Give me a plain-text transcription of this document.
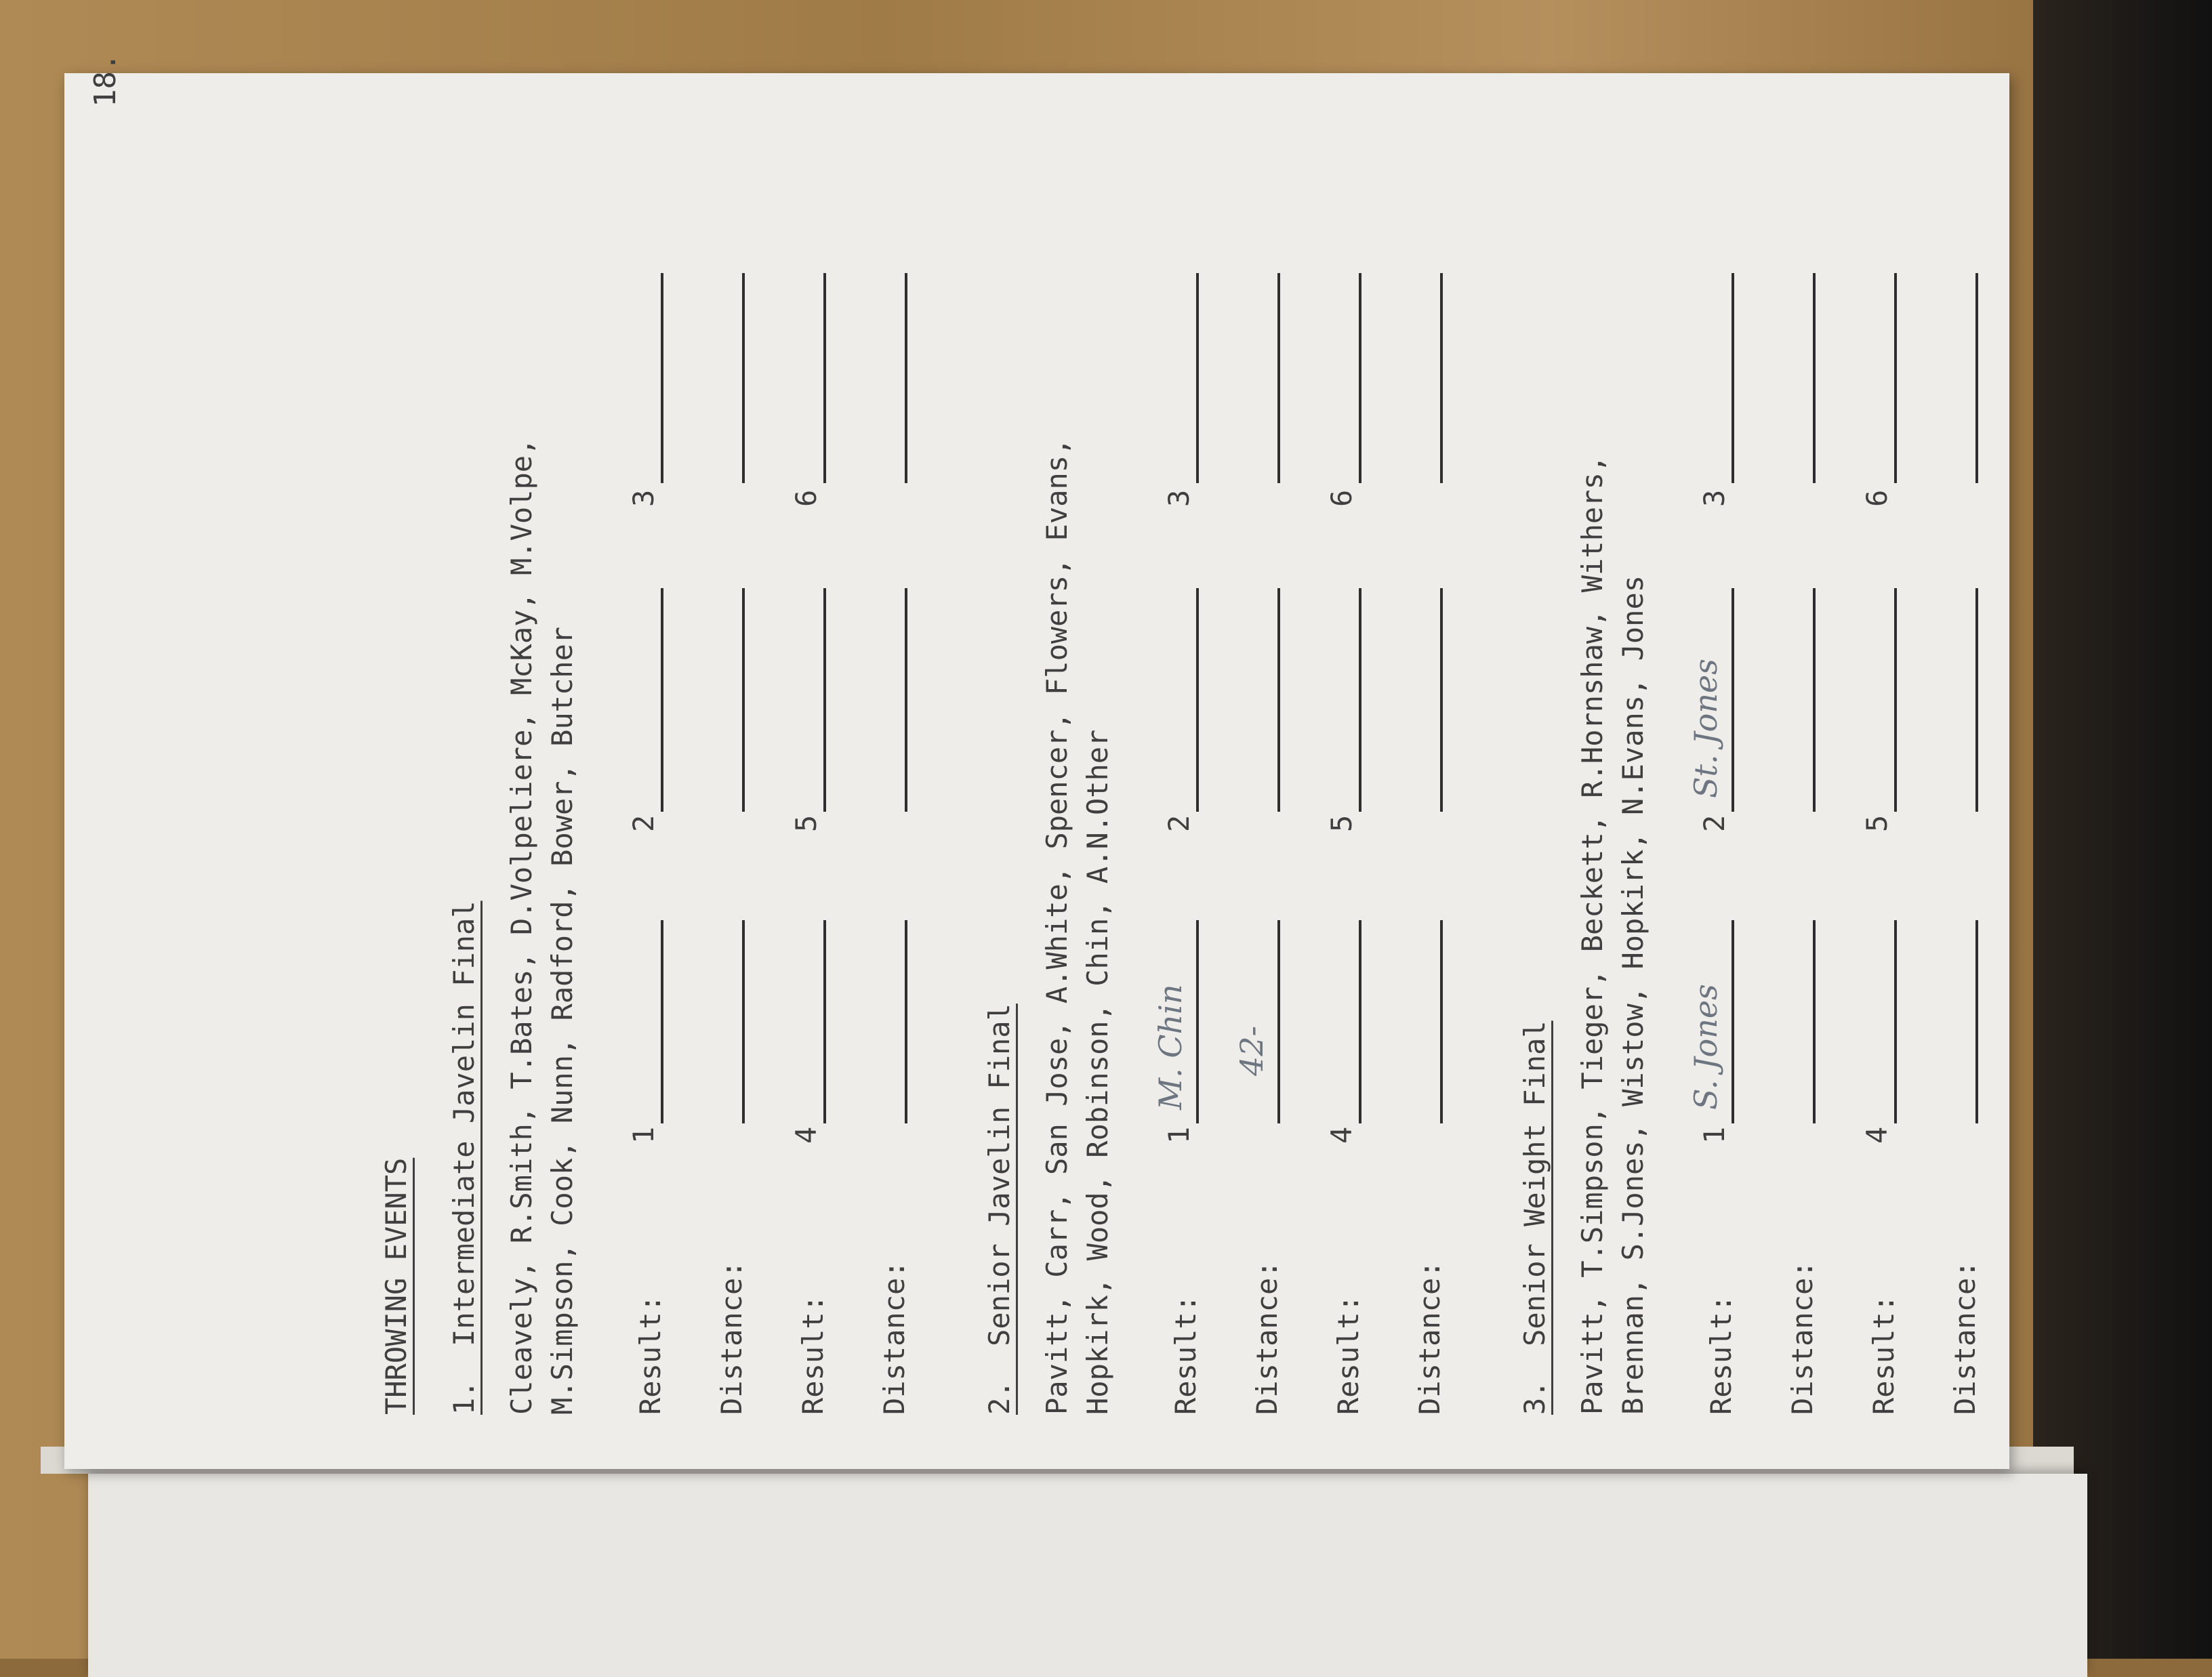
18.
THROWING EVENTS 1.  Intermediate Javelin Final Cleavely, R.Smith, T.Bates, D.Volpeliere, McKay, M.Volpe, M.Simpson, Cook, Nunn, Radford, Bower, Butcher Result:
1
2
3
Distance: Result:
4
5
6
Distance:	2.  Senior Javelin Final Pavitt, Carr, San Jose, A.White, Spencer, Flowers, Evans, Hopkirk, Wood, Robinson, Chin, A.N.Other Result:
1
M. Chin
2
3
Distance:
42-
Result:
4
5
6
Distance:	3.  Senior Weight Final Pavitt, T.Simpson, Tieger, Beckett, R.Hornshaw, Withers, Brennan, S.Jones, Wistow, Hopkirk, N.Evans, Jones Result:
1
S. Jones
2
St. Jones
3
Distance: Result:
4
5
6
Distance:
